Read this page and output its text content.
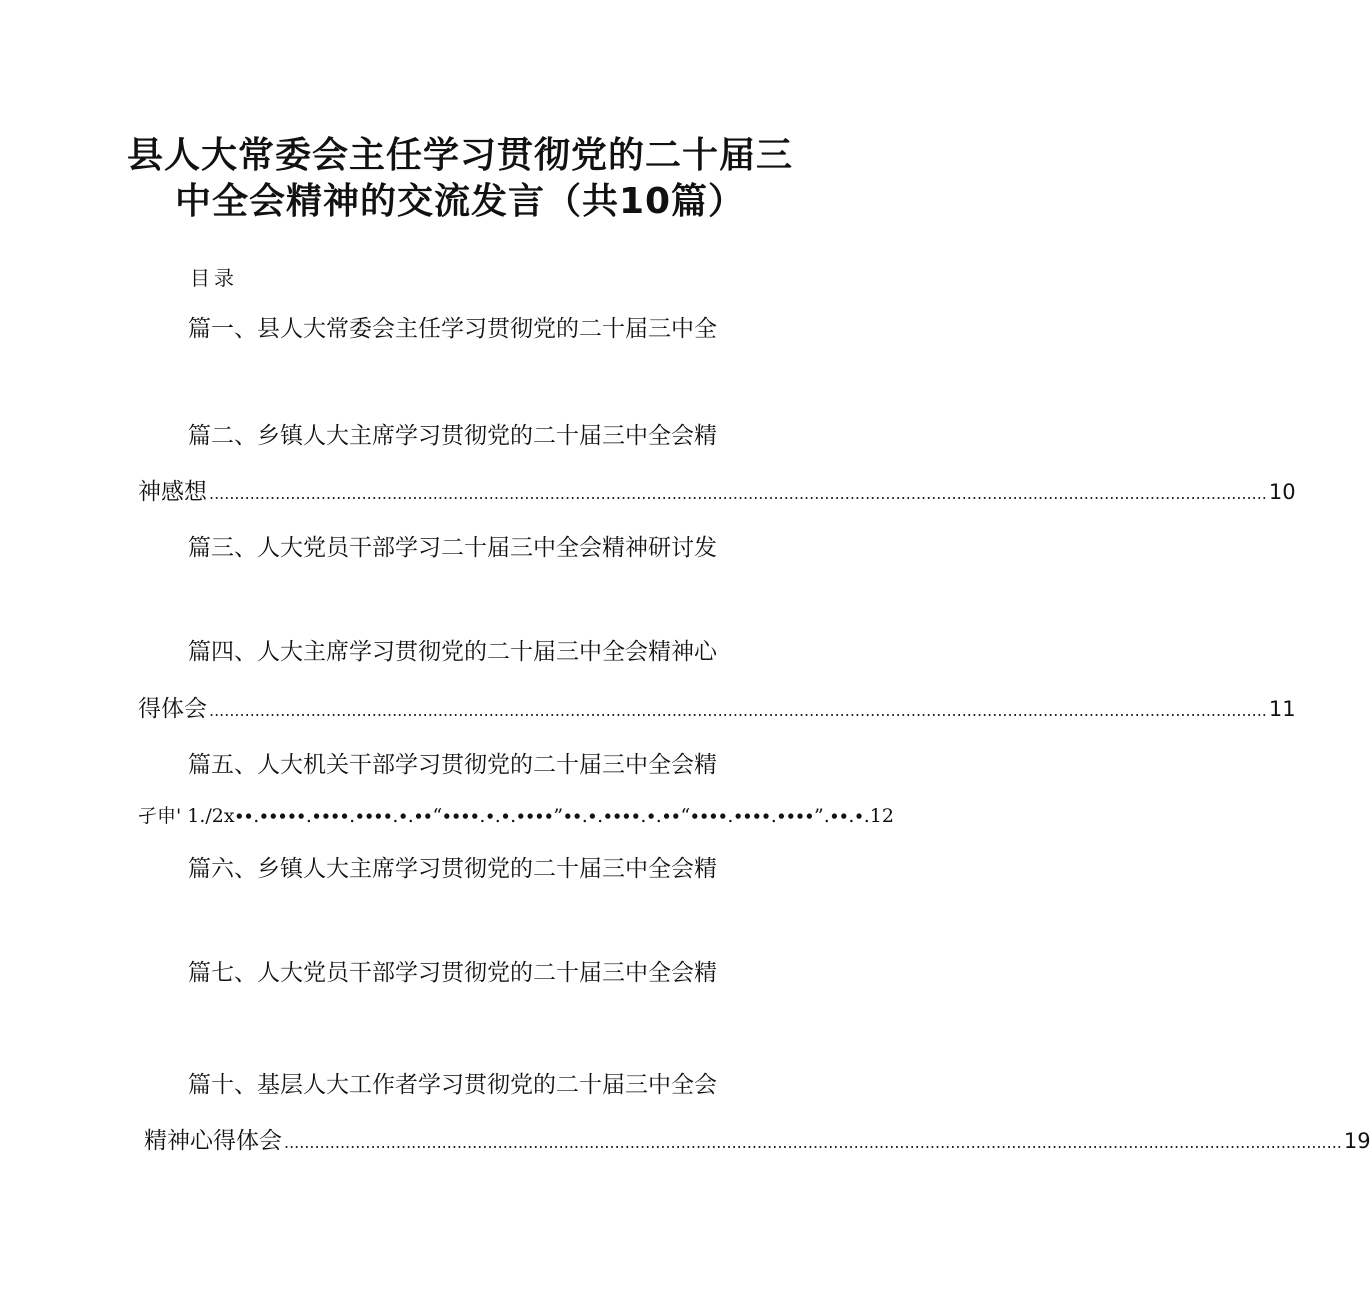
县人大常委会主任学习贯彻党的二十届三
中全会精神的交流发言（共10篇）
目录
篇一、县人大常委会主任学习贯彻党的二十届三中全
篇二、乡镇人大主席学习贯彻党的二十届三中全会精
神感想 .....	10
篇三、人大党员干部学习二十届三中全会精神研讨发
篇四、人大主席学习贯彻党的二十届三中全会精神心
得体会 .....	11
篇五、人大机关干部学习贯彻党的二十届三中全会精
孑申' 1./2x∙∙.∙∙∙∙∙.∙∙∙∙.∙∙∙∙.∙.∙∙“∙∙∙∙.∙.∙.∙∙∙∙”∙∙.∙.∙∙∙∙.∙.∙∙“∙∙∙∙.∙∙∙∙.∙∙∙∙”.∙∙.∙.12
篇六、乡镇人大主席学习贯彻党的二十届三中全会精
篇七、人大党员干部学习贯彻党的二十届三中全会精
篇十、基层人大工作者学习贯彻党的二十届三中全会
精神心得体会 .....	19
